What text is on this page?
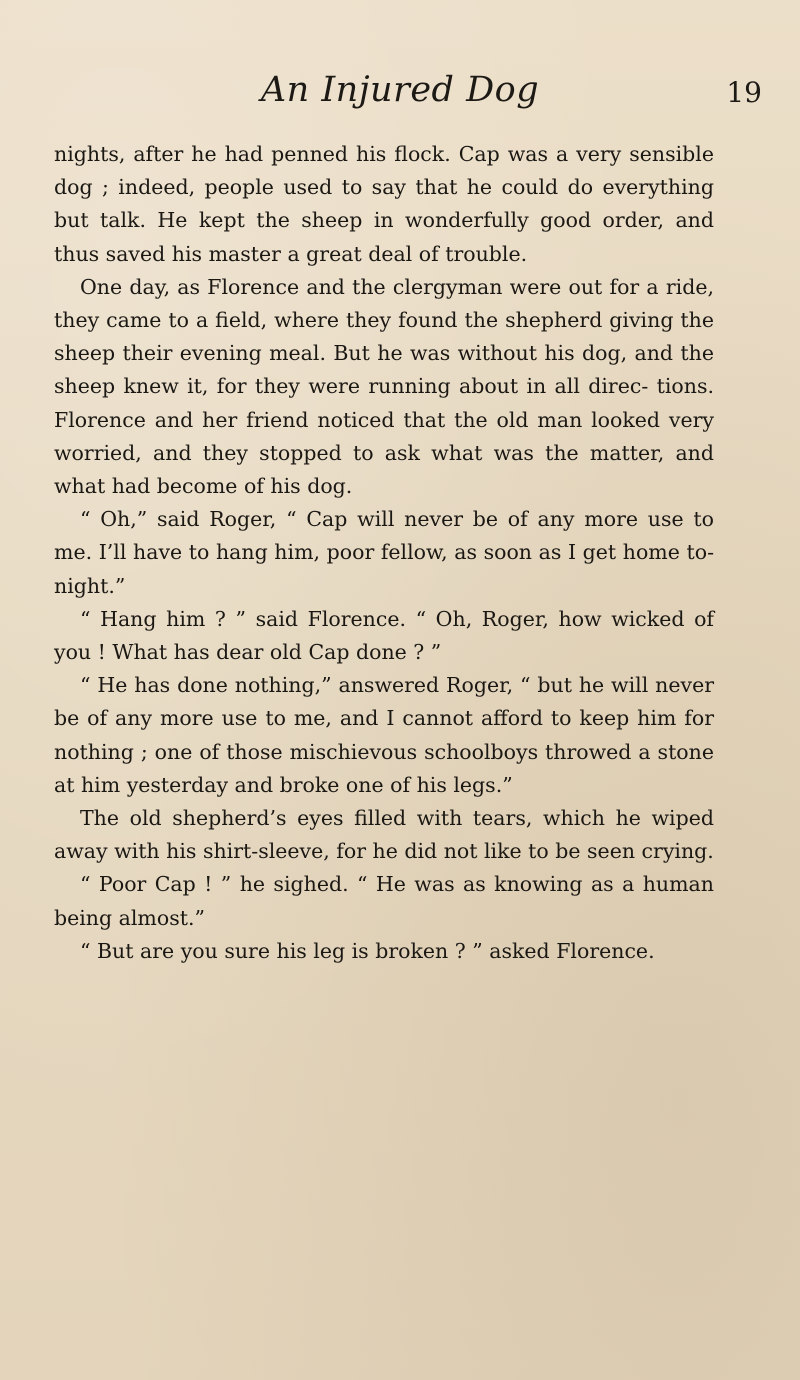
An Injured Dog	19

nights, after he had penned his flock. Cap was a very sensible dog ; indeed, people used to say that he could do everything but talk. He kept the sheep in wonderfully good order, and thus saved his master a great deal of trouble.

One day, as Florence and the clergyman were out for a ride, they came to a field, where they found the shepherd giving the sheep their evening meal. But he was without his dog, and the sheep knew it, for they were running about in all direc- tions. Florence and her friend noticed that the old man looked very worried, and they stopped to ask what was the matter, and what had become of his dog.

“ Oh,” said Roger, “ Cap will never be of any more use to me. I’ll have to hang him, poor fellow, as soon as I get home to-night.”

“ Hang him ? ” said Florence. “ Oh, Roger, how wicked of you ! What has dear old Cap done ? ”

“ He has done nothing,” answered Roger, “ but he will never be of any more use to me, and I cannot afford to keep him for nothing ; one of those mischievous schoolboys throwed a stone at him yesterday and broke one of his legs.”

The old shepherd’s eyes filled with tears, which he wiped away with his shirt-sleeve, for he did not like to be seen crying.

“ Poor Cap ! ” he sighed. “ He was as knowing as a human being almost.”

“ But are you sure his leg is broken ? ” asked Florence.
